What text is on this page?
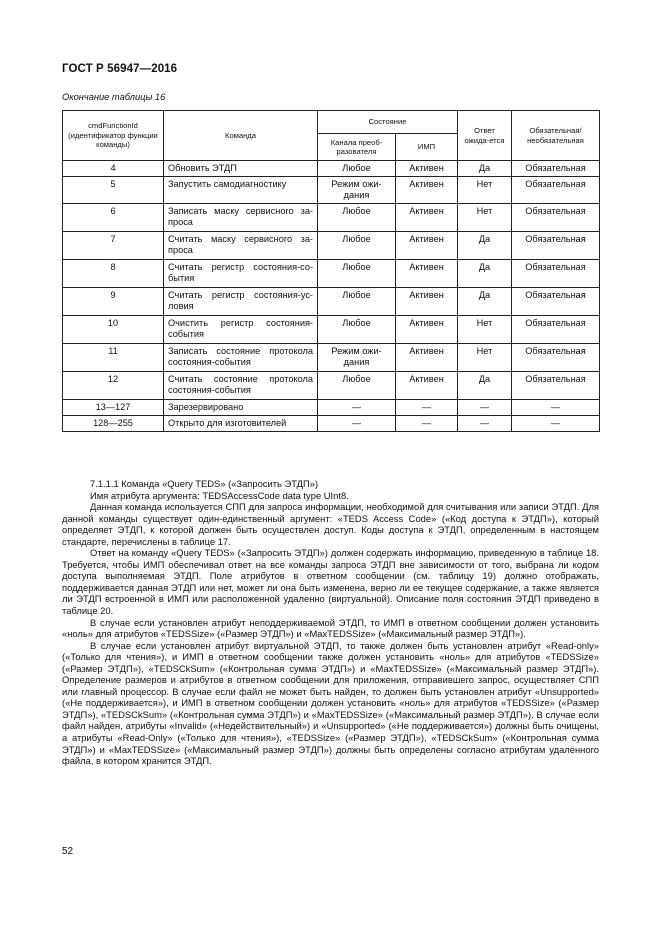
ГОСТ Р 56947—2016
Окончание таблицы 16
cmdFunctionId (идентификатор функции команды)	Команда	Состояние		Ответ ожида-ется	Обязательная/ необязательная
		Канала преоб-разователя	ИМП		
4	Обновить ЭТДП	Любое	Активен	Да	Обязательная
5	Запустить самодиагностику	Режим ожи-дания	Активен	Нет	Обязательная
6	Записать маску сервисного за-проса	Любое	Активен	Нет	Обязательная
7	Считать маску сервисного за-проса	Любое	Активен	Да	Обязательная
8	Считать регистр состояния-со-бытия	Любое	Активен	Да	Обязательная
9	Считать регистр состояния-ус-ловия	Любое	Активен	Да	Обязательная
10	Очистить регистр состояния-события	Любое	Активен	Нет	Обязательная
11	Записать состояние протокола состояния-события	Режим ожи-дания	Активен	Нет	Обязательная
12	Считать состояние протокола состояния-события	Любое	Активен	Да	Обязательная
13—127	Зарезервировано	—	—	—	—
128—255	Открыто для изготовителей	—	—	—	—

7.1.1.1 Команда «Query TEDS» («Запросить ЭТДП»)

Имя атрибута аргумента: TEDSAccessCode data type UInt8.

Данная команда используется СПП для запроса информации, необходимой для считывания или записи ЭТДП. Для данной команды существует один-единственный аргумент: «TEDS Access Code» («Код доступа к ЭТДП»), который определяет ЭТДП, к которой должен быть осуществлен доступ. Коды доступа к ЭТДП, определенным в настоящем стандарте, перечислены в таблице 17.

Ответ на команду «Query TEDS» («Запросить ЭТДП») должен содержать информацию, приведенную в таблице 18. Требуется, чтобы ИМП обеспечивал ответ на все команды запроса ЭТДП вне зависимости от того, выбрана ли кодом доступа выполняемая ЭТДП. Поле атрибутов в ответном сообщении (см. таблицу 19) должно отображать, поддерживается данная ЭТДП или нет, может ли она быть изменена, верно ли ее текущее содержание, а также является ли ЭТДП встроенной в ИМП или расположенной удаленно (виртуальной). Описание поля состояния ЭТДП приведено в таблице 20.

В случае если установлен атрибут неподдерживаемой ЭТДП, то ИМП в ответном сообщении должен установить «ноль» для атрибутов «TEDSSize» («Размер ЭТДП») и «MaxTEDSSize» («Максимальный размер ЭТДП»).

В случае если установлен атрибут виртуальной ЭТДП, то также должен быть установлен атрибут «Read-only» («Только для чтения»), и ИМП в ответном сообщении также должен установить «ноль» для атрибутов «TEDSSize» («Размер ЭТДП»), «TEDSCkSum» («Контрольная сумма ЭТДП») и «MaxTEDSSize» («Максимальный размер ЭТДП»). Определение размеров и атрибутов в ответном сообщении для приложения, отправившего запрос, осуществляет СПП или главный процессор. В случае если файл не может быть найден, то должен быть установлен атрибут «Unsupported» («Не поддерживается»), и ИМП в ответном сообщении должен установить «ноль» для атрибутов «TEDSSize» («Размер ЭТДП»), «TEDSCkSum» («Контрольная сумма ЭТДП») и «MaxTEDSSize» («Максимальный размер ЭТДП»). В случае если файл найден, атрибуты «Invalid» («Недействительный») и «Unsupported» («Не поддерживается») должны быть очищены, а атрибуты «Read-Only» («Только для чтения»), «TEDSSize» («Размер ЭТДП»), «TEDSCkSum» («Контрольная сумма ЭТДП») и «MaxTEDSSize» («Максимальный размер ЭТДП») должны быть определены согласно атрибутам удаленного файла, в котором хранится ЭТДП.

52
